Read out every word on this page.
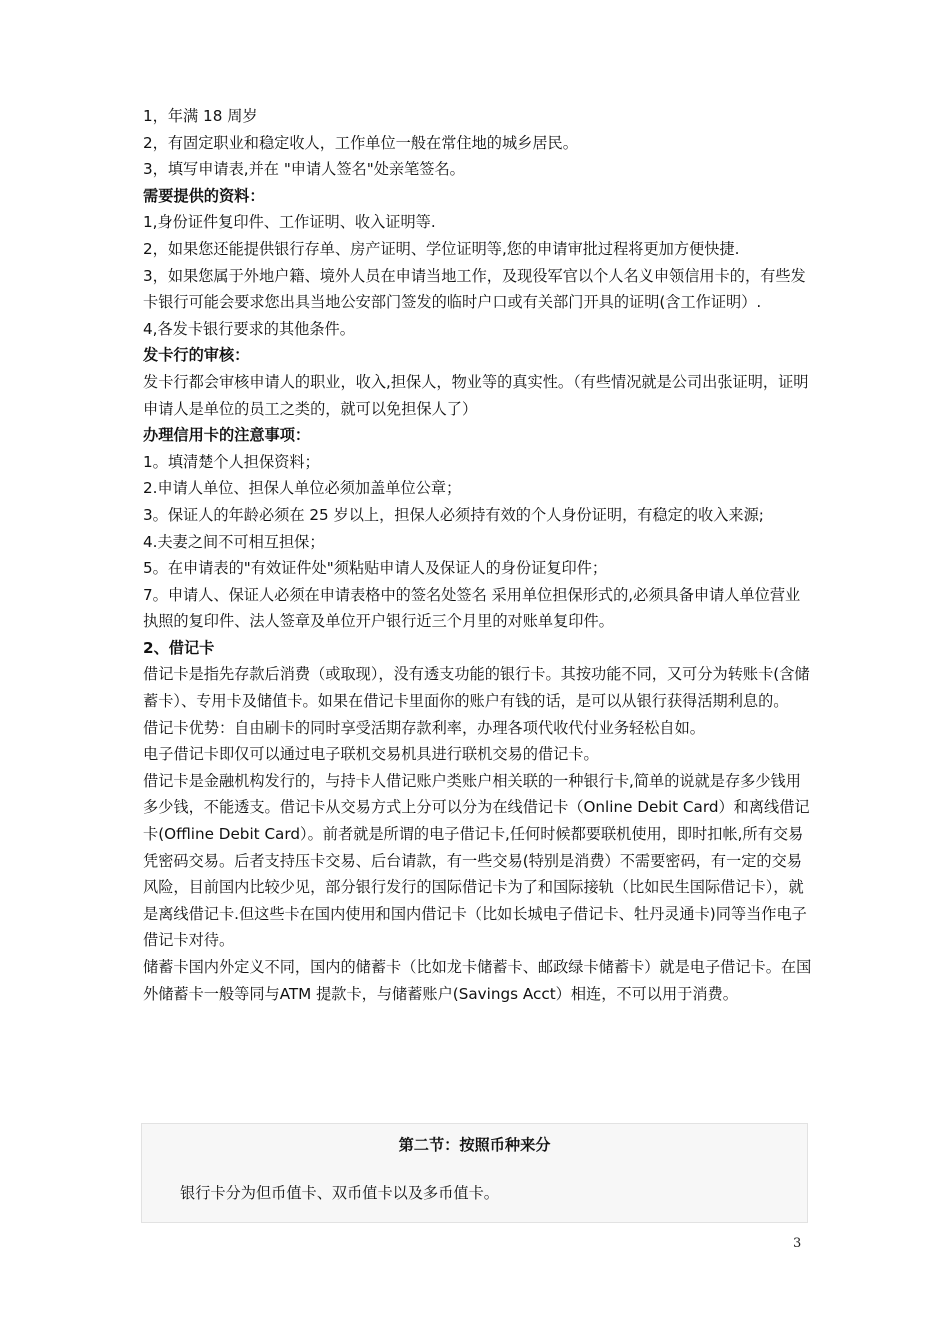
1，年满 18 周岁

2，有固定职业和稳定收人，工作单位一般在常住地的城乡居民。

3，填写申请表,并在 "申请人签名"处亲笔签名。

需要提供的资料：

1,身份证件复印件、工作证明、收入证明等.

2，如果您还能提供银行存单、房产证明、学位证明等,您的申请审批过程将更加方便快捷.

3，如果您属于外地户籍、境外人员在申请当地工作，及现役军官以个人名义申领信用卡的，有些发卡银行可能会要求您出具当地公安部门签发的临时户口或有关部门开具的证明(含工作证明）.

4,各发卡银行要求的其他条件。

发卡行的审核：

发卡行都会审核申请人的职业，收入,担保人，物业等的真实性。（有些情况就是公司出张证明，证明申请人是单位的员工之类的，就可以免担保人了）

办理信用卡的注意事项：

1。填清楚个人担保资料；

2.申请人单位、担保人单位必须加盖单位公章；

3。保证人的年龄必须在 25 岁以上，担保人必须持有效的个人身份证明，有稳定的收入来源;

4.夫妻之间不可相互担保；

5。在申请表的"有效证件处"须粘贴申请人及保证人的身份证复印件；

7。申请人、保证人必须在申请表格中的签名处签名 采用单位担保形式的,必须具备申请人单位营业执照的复印件、法人签章及单位开户银行近三个月里的对账单复印件。

2、借记卡

借记卡是指先存款后消费（或取现），没有透支功能的银行卡。其按功能不同，又可分为转账卡(含储蓄卡）、专用卡及储值卡。如果在借记卡里面你的账户有钱的话，是可以从银行获得活期利息的。

借记卡优势：自由刷卡的同时享受活期存款利率，办理各项代收代付业务轻松自如。

电子借记卡即仅可以通过电子联机交易机具进行联机交易的借记卡。

借记卡是金融机构发行的，与持卡人借记账户类账户相关联的一种银行卡,简单的说就是存多少钱用多少钱，不能透支。借记卡从交易方式上分可以分为在线借记卡（Online Debit Card）和离线借记卡(Offline Debit Card）。前者就是所谓的电子借记卡,任何时候都要联机使用，即时扣帐,所有交易凭密码交易。后者支持压卡交易、后台请款，有一些交易(特别是消费）不需要密码，有一定的交易风险，目前国内比较少见，部分银行发行的国际借记卡为了和国际接轨（比如民生国际借记卡），就是离线借记卡.但这些卡在国内使用和国内借记卡（比如长城电子借记卡、牡丹灵通卡)同等当作电子借记卡对待。

储蓄卡国内外定义不同，国内的储蓄卡（比如龙卡储蓄卡、邮政绿卡储蓄卡）就是电子借记卡。在国外储蓄卡一般等同与ATM 提款卡，与储蓄账户(Savings Acct）相连，不可以用于消费。

第二节：按照币种来分
银行卡分为但币值卡、双币值卡以及多币值卡。
3
